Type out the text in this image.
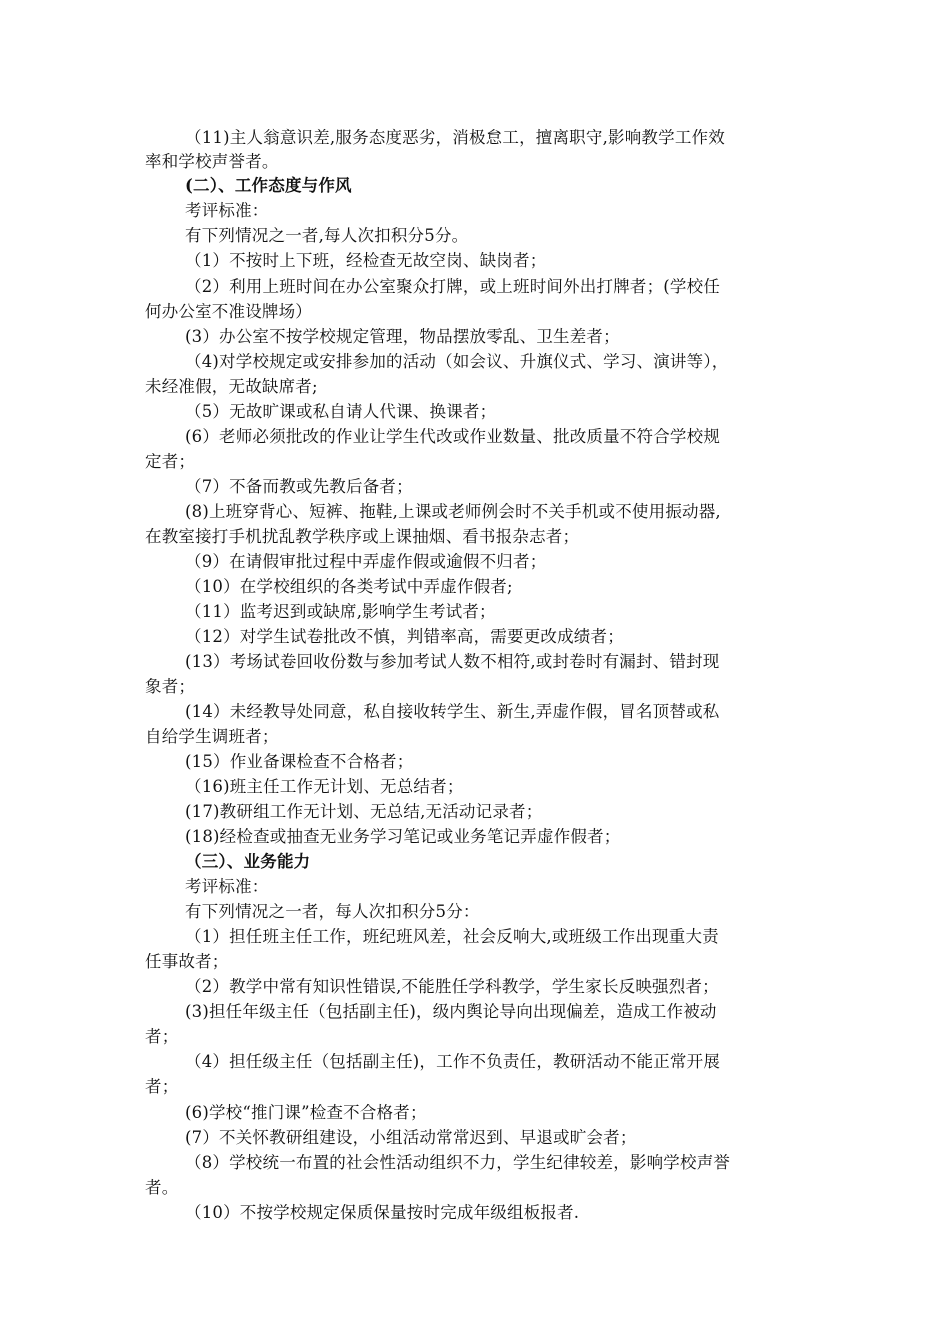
（11)主人翁意识差,服务态度恶劣，消极怠工，擅离职守,影响教学工作效
率和学校声誉者。
(二）、工作态度与作风
考评标准：
有下列情况之一者,每人次扣积分5分。
（1）不按时上下班，经检查无故空岗、缺岗者；
（2）利用上班时间在办公室聚众打牌，或上班时间外出打牌者；(学校任
何办公室不准设牌场）
(3）办公室不按学校规定管理，物品摆放零乱、卫生差者；
（4)对学校规定或安排参加的活动（如会议、升旗仪式、学习、演讲等），
未经准假，无故缺席者;
（5）无故旷课或私自请人代课、换课者；
(6）老师必须批改的作业让学生代改或作业数量、批改质量不符合学校规
定者；
（7）不备而教或先教后备者；
(8)上班穿背心、短裤、拖鞋,上课或老师例会时不关手机或不使用振动器,
在教室接打手机扰乱教学秩序或上课抽烟、看书报杂志者；
（9）在请假审批过程中弄虚作假或逾假不归者；
（10）在学校组织的各类考试中弄虚作假者;
（11）监考迟到或缺席,影响学生考试者；
（12）对学生试卷批改不慎，判错率高，需要更改成绩者；
(13）考场试卷回收份数与参加考试人数不相符,或封卷时有漏封、错封现
象者；
(14）未经教导处同意，私自接收转学生、新生,弄虚作假，冒名顶替或私
自给学生调班者；
(15）作业备课检查不合格者；
（16)班主任工作无计划、无总结者；
(17)教研组工作无计划、无总结,无活动记录者；
(18)经检查或抽查无业务学习笔记或业务笔记弄虚作假者；
（三）、业务能力
考评标准：
有下列情况之一者，每人次扣积分5分：
（1）担任班主任工作，班纪班风差，社会反响大,或班级工作出现重大责
任事故者；
（2）教学中常有知识性错误,不能胜任学科教学，学生家长反映强烈者；
(3)担任年级主任（包括副主任)，级内舆论导向出现偏差，造成工作被动
者；
（4）担任级主任（包括副主任)，工作不负责任，教研活动不能正常开展
者；
(6)学校“推门课”检查不合格者；
(7）不关怀教研组建设，小组活动常常迟到、早退或旷会者；
（8）学校统一布置的社会性活动组织不力，学生纪律较差，影响学校声誉
者。
（10）不按学校规定保质保量按时完成年级组板报者.
